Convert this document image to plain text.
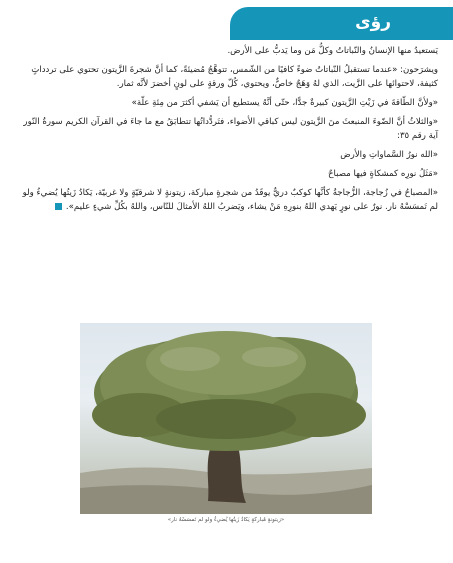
رؤى

يَستعيدُ منها الإنسانُ والنّباتاتُ وكلُّ مَن وما يَدبُّ على الأرض.

ويشرَحون: «عندما تستقبلُ النّباتاتُ ضوءً كافيًا من الشّمس، تتوهَّجُ مُضيئةً، كما أنَّ شجرةَ الزَّيتون تحتوي على تردداتٍ كثيفة، لاحتوائها على الزَّيت، الذي لهُ وَهَجٌ خاصٌّ، ويحتوي، كُلّ ورقةٍ على لونٍ أخضرَ لأنَّه ثمار.

«ولأنَّ الطّاقةَ في زَيْتِ الزَّيتون كبيرةٌ جدًّا، حتّى أنَّهُ يستطيع أن يَشفي أكثرَ من مِئةِ علّة»

«والثلاثُ أنَّ الضّوءَ المنبعثَ منَ الزَّيتون ليس كباقي الأضواء، فتَردُّداتُها تتطابَقُ مع ما جاءَ في القرآن الكريم سورةُ النّور آية رقم ٣٥:

«الله نورُ السَّماواتِ والأرض

«مَثَلُ نورِه كمشكاةٍ فيها مصباحٌ

«المصباحُ في زُجاجة، الزُّجاجةُ كأنَّها كوكبٌ دريٌّ يوقَدُ من شجرةٍ مباركة، زيتونةٍ لا شرقيّةٍ ولا غربيّة، يَكادُ زَيتُها يُضيءُ ولو لم تَمسَسْهُ نار. نورٌ على نورٍ يَهدي اللهُ بنورِهِ مَنْ يشاء، ويَضربُ اللهُ الأمثالَ للنّاس، واللهُ بكُلِّ شيءٍ عليم».

«زيتونةٍ مُباركةٍ يَكادُ زَيتُها يُضيءُ ولو لم تَمسَسْهُ نار»
